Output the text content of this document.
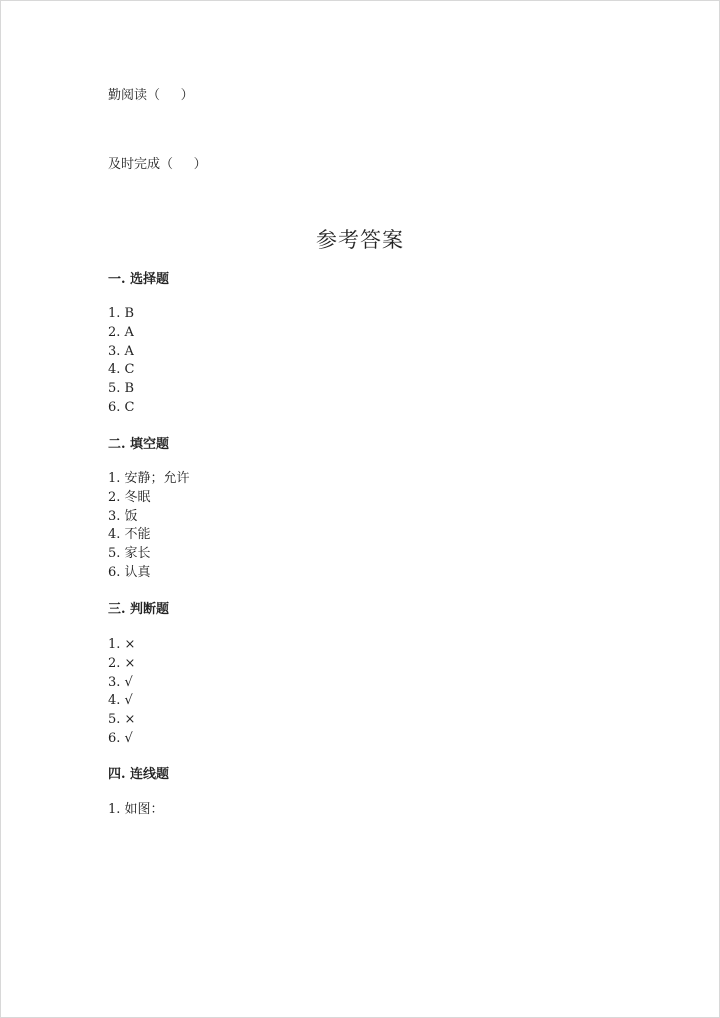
勤阅读（     ）
及时完成（     ）
参考答案
一. 选择题
1. B
2. A
3. A
4. C
5. B
6. C
二. 填空题
1. 安静；允许
2. 冬眠
3. 饭
4. 不能
5. 家长
6. 认真
三. 判断题
1. ×
2. ×
3. √
4. √
5. ×
6. √
四. 连线题
1. 如图：
